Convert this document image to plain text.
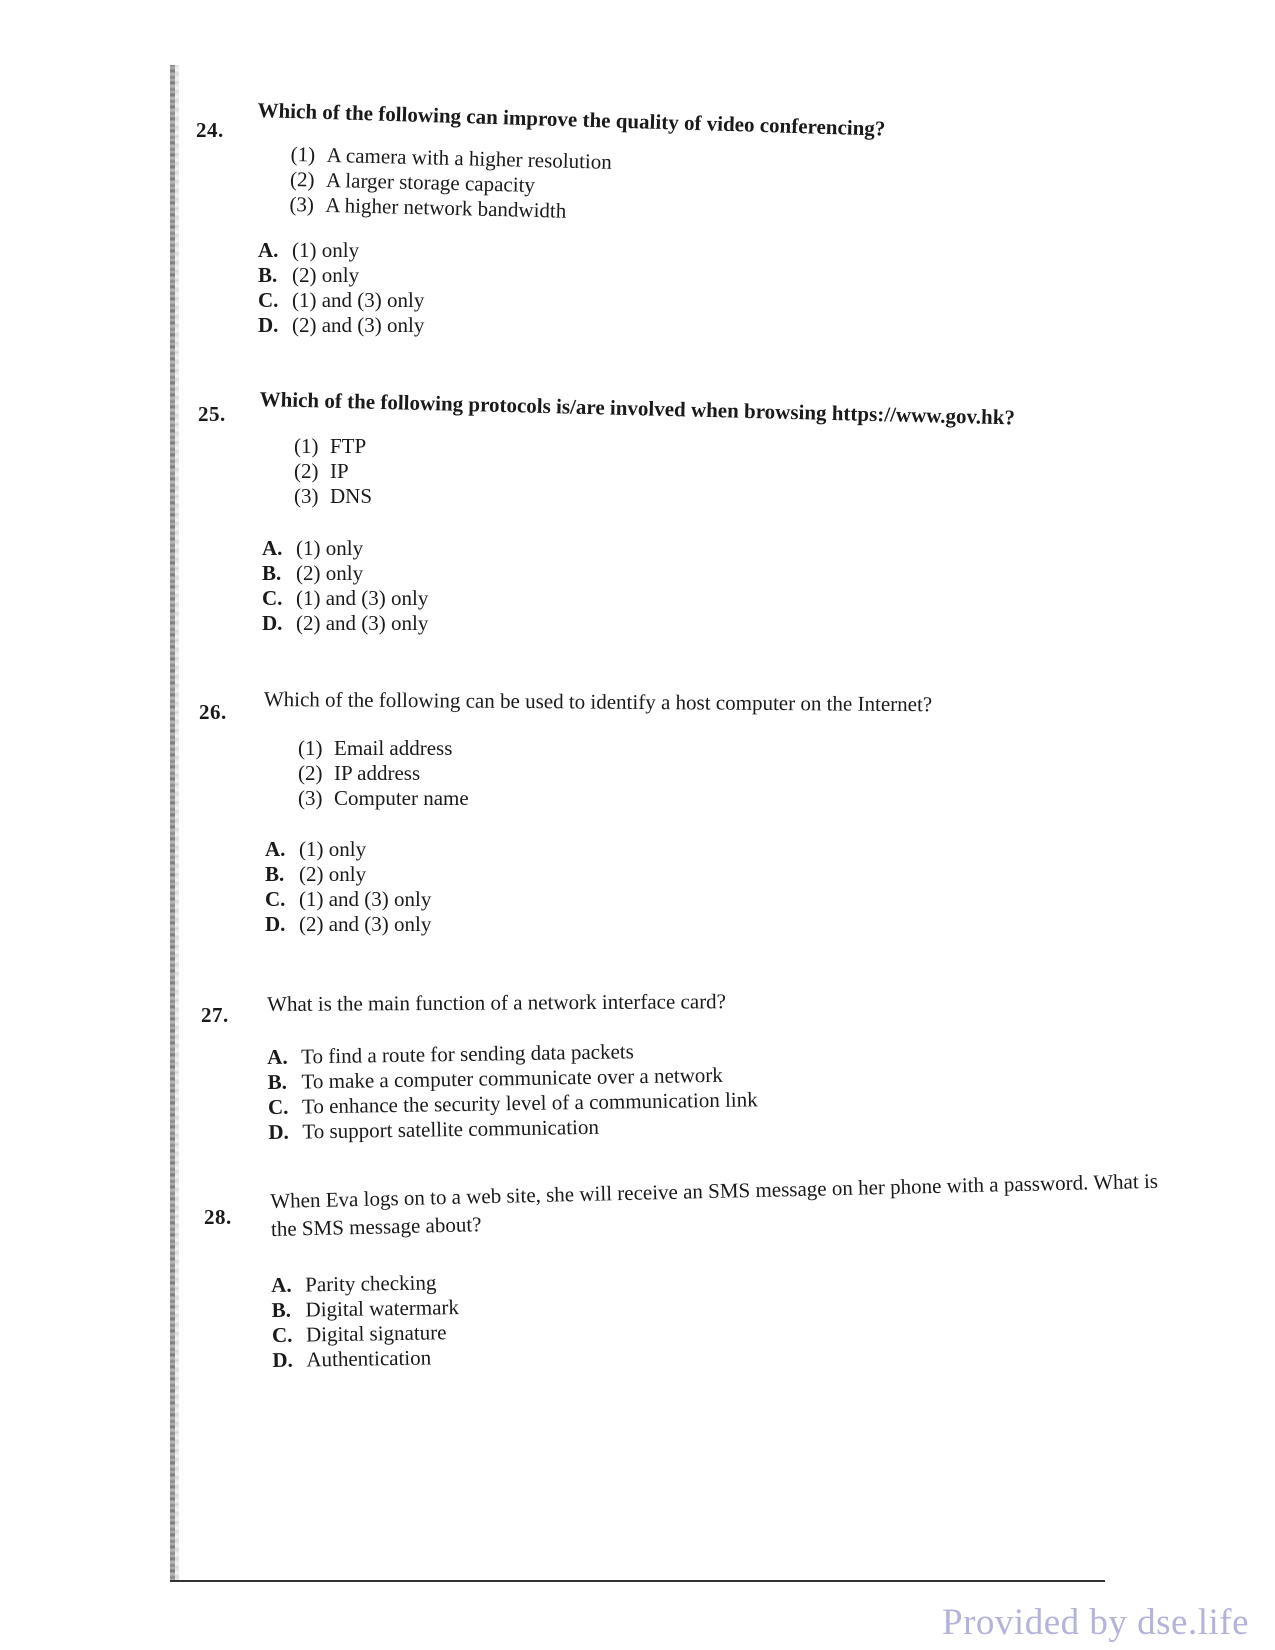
24. Which of the following can improve the quality of video conferencing?
(1) A camera with a higher resolution
(2) A larger storage capacity
(3) A higher network bandwidth
A. (1) only
B. (2) only
C. (1) and (3) only
D. (2) and (3) only
25. Which of the following protocols is/are involved when browsing https://www.gov.hk?
(1) FTP
(2) IP
(3) DNS
A. (1) only
B. (2) only
C. (1) and (3) only
D. (2) and (3) only
26. Which of the following can be used to identify a host computer on the Internet?
(1) Email address
(2) IP address
(3) Computer name
A. (1) only
B. (2) only
C. (1) and (3) only
D. (2) and (3) only
27. What is the main function of a network interface card?
A. To find a route for sending data packets
B. To make a computer communicate over a network
C. To enhance the security level of a communication link
D. To support satellite communication
28.
When Eva logs on to a web site, she will receive an SMS message on her phone with a password. What is
the SMS message about?
A. Parity checking
B. Digital watermark
C. Digital signature
D. Authentication
Provided by dse.life
